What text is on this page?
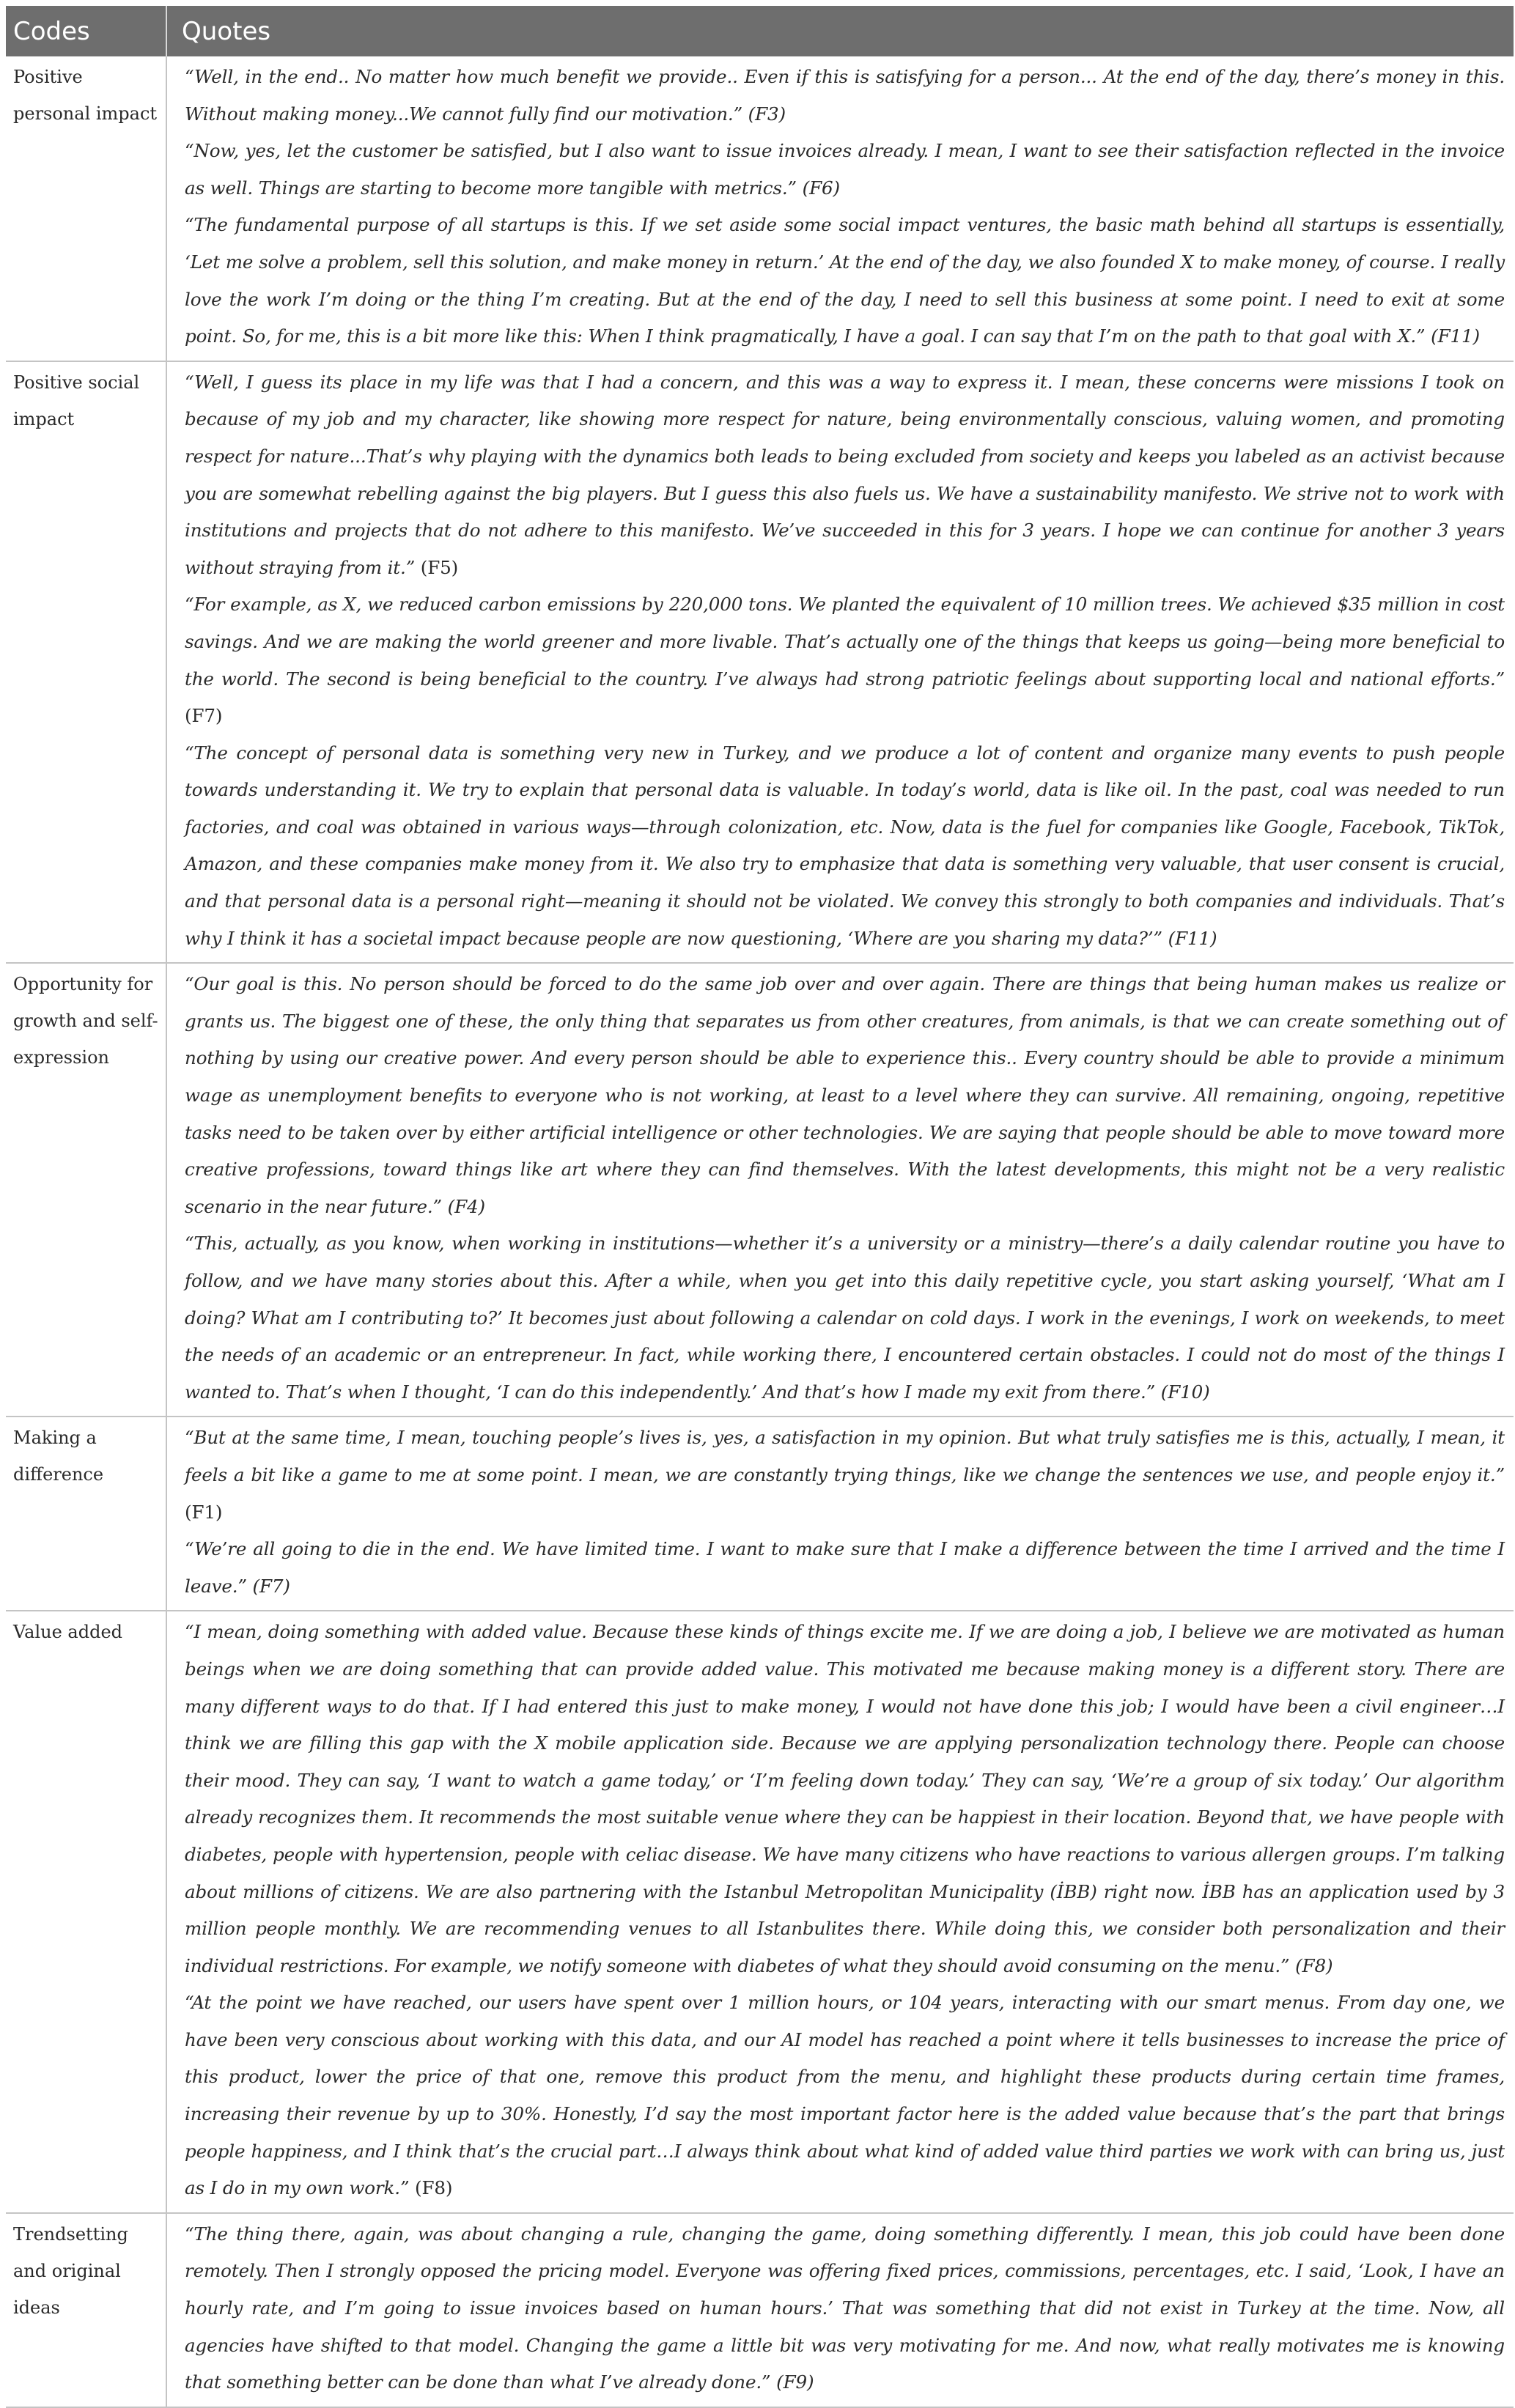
Codes	Quotes
Positive personal impact	“Well, in the end.. No matter how much benefit we provide.. Even if this is satisfying for a person... At the end of the day, there’s money in this. Without making money...We cannot fully find our motivation.” (F3)
“Now, yes, let the customer be satisfied, but I also want to issue invoices already. I mean, I want to see their satisfaction reflected in the invoice as well. Things are starting to become more tangible with metrics.” (F6)
“The fundamental purpose of all startups is this. If we set aside some social impact ventures, the basic math behind all startups is essentially, ‘Let me solve a problem, sell this solution, and make money in return.’ At the end of the day, we also founded X to make money, of course. I really love the work I’m doing or the thing I’m creating. But at the end of the day, I need to sell this business at some point. I need to exit at some point. So, for me, this is a bit more like this: When I think pragmatically, I have a goal. I can say that I’m on the path to that goal with X.” (F11)

Positive social impact	“Well, I guess its place in my life was that I had a concern, and this was a way to express it. I mean, these concerns were missions I took on because of my job and my character, like showing more respect for nature, being environmentally conscious, valuing women, and promoting respect for nature...That’s why playing with the dynamics both leads to being excluded from society and keeps you labeled as an activist because you are somewhat rebelling against the big players. But I guess this also fuels us. We have a sustainability manifesto. We strive not to work with institutions and projects that do not adhere to this manifesto. We’ve succeeded in this for 3 years. I hope we can continue for another 3 years without straying from it.” (F5)
“For example, as X, we reduced carbon emissions by 220,000 tons. We planted the equivalent of 10 million trees. We achieved $35 million in cost savings. And we are making the world greener and more livable. That’s actually one of the things that keeps us going—being more beneficial to the world. The second is being beneficial to the country. I’ve always had strong patriotic feelings about supporting local and national efforts.” (F7)
“The concept of personal data is something very new in Turkey, and we produce a lot of content and organize many events to push people towards understanding it. We try to explain that personal data is valuable. In today’s world, data is like oil. In the past, coal was needed to run factories, and coal was obtained in various ways—through colonization, etc. Now, data is the fuel for companies like Google, Facebook, TikTok, Amazon, and these companies make money from it. We also try to emphasize that data is something very valuable, that user consent is crucial, and that personal data is a personal right—meaning it should not be violated. We convey this strongly to both companies and individuals. That’s why I think it has a societal impact because people are now questioning, ‘Where are you sharing my data?’” (F11)

Opportunity for growth and self-expression	“Our goal is this. No person should be forced to do the same job over and over again. There are things that being human makes us realize or grants us. The biggest one of these, the only thing that separates us from other creatures, from animals, is that we can create something out of nothing by using our creative power. And every person should be able to experience this.. Every country should be able to provide a minimum wage as unemployment benefits to everyone who is not working, at least to a level where they can survive. All remaining, ongoing, repetitive tasks need to be taken over by either artificial intelligence or other technologies. We are saying that people should be able to move toward more creative professions, toward things like art where they can find themselves. With the latest developments, this might not be a very realistic scenario in the near future.” (F4)
“This, actually, as you know, when working in institutions—whether it’s a university or a ministry—there’s a daily calendar routine you have to follow, and we have many stories about this. After a while, when you get into this daily repetitive cycle, you start asking yourself, ‘What am I doing? What am I contributing to?’ It becomes just about following a calendar on cold days. I work in the evenings, I work on weekends, to meet the needs of an academic or an entrepreneur. In fact, while working there, I encountered certain obstacles. I could not do most of the things I wanted to. That’s when I thought, ‘I can do this independently.’ And that’s how I made my exit from there.” (F10)

Making a difference	“But at the same time, I mean, touching people’s lives is, yes, a satisfaction in my opinion. But what truly satisfies me is this, actually, I mean, it feels a bit like a game to me at some point. I mean, we are constantly trying things, like we change the sentences we use, and people enjoy it.” (F1)
“We’re all going to die in the end. We have limited time. I want to make sure that I make a difference between the time I arrived and the time I leave.” (F7)

Value added	“I mean, doing something with added value. Because these kinds of things excite me. If we are doing a job, I believe we are motivated as human beings when we are doing something that can provide added value. This motivated me because making money is a different story. There are many different ways to do that. If I had entered this just to make money, I would not have done this job; I would have been a civil engineer…I think we are filling this gap with the X mobile application side. Because we are applying personalization technology there. People can choose their mood. They can say, ‘I want to watch a game today,’ or ‘I’m feeling down today.’ They can say, ‘We’re a group of six today.’ Our algorithm already recognizes them. It recommends the most suitable venue where they can be happiest in their location. Beyond that, we have people with diabetes, people with hypertension, people with celiac disease. We have many citizens who have reactions to various allergen groups. I’m talking about millions of citizens. We are also partnering with the Istanbul Metropolitan Municipality (İBB) right now. İBB has an application used by 3 million people monthly. We are recommending venues to all Istanbulites there. While doing this, we consider both personalization and their individual restrictions. For example, we notify someone with diabetes of what they should avoid consuming on the menu.” (F8)
“At the point we have reached, our users have spent over 1 million hours, or 104 years, interacting with our smart menus. From day one, we have been very conscious about working with this data, and our AI model has reached a point where it tells businesses to increase the price of this product, lower the price of that one, remove this product from the menu, and highlight these products during certain time frames, increasing their revenue by up to 30%. Honestly, I’d say the most important factor here is the added value because that’s the part that brings people happiness, and I think that’s the crucial part…I always think about what kind of added value third parties we work with can bring us, just as I do in my own work.” (F8)

Trendsetting and original ideas	“The thing there, again, was about changing a rule, changing the game, doing something differently. I mean, this job could have been done remotely. Then I strongly opposed the pricing model. Everyone was offering fixed prices, commissions, percentages, etc. I said, ‘Look, I have an hourly rate, and I’m going to issue invoices based on human hours.’ That was something that did not exist in Turkey at the time. Now, all agencies have shifted to that model. Changing the game a little bit was very motivating for me. And now, what really motivates me is knowing that something better can be done than what I’ve already done.” (F9)
